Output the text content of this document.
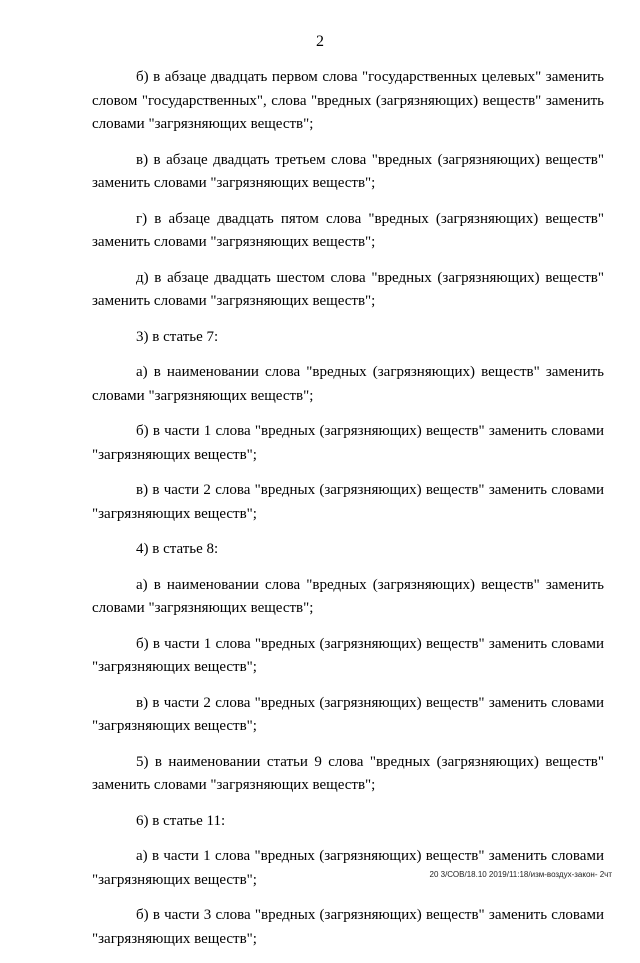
2

б) в абзаце двадцать первом слова "государственных целевых" заменить словом "государственных", слова "вредных (загрязняющих) веществ" заменить словами "загрязняющих веществ";

в) в абзаце двадцать третьем слова "вредных (загрязняющих) веществ" заменить словами "загрязняющих веществ";

г) в абзаце двадцать пятом слова "вредных (загрязняющих) веществ" заменить словами "загрязняющих веществ";

д) в абзаце двадцать шестом слова "вредных (загрязняющих) веществ" заменить словами "загрязняющих веществ";

3) в статье 7:

а) в наименовании слова "вредных (загрязняющих) веществ" заменить словами "загрязняющих веществ";

б) в части 1 слова "вредных (загрязняющих) веществ" заменить словами "загрязняющих веществ";

в) в части 2 слова "вредных (загрязняющих) веществ" заменить словами "загрязняющих веществ";

4) в статье 8:

а) в наименовании слова "вредных (загрязняющих) веществ" заменить словами "загрязняющих веществ";

б) в части 1 слова "вредных (загрязняющих) веществ" заменить словами "загрязняющих веществ";

в) в части 2 слова "вредных (загрязняющих) веществ" заменить словами "загрязняющих веществ";

5) в наименовании статьи 9 слова "вредных (загрязняющих) веществ" заменить словами "загрязняющих веществ";

6) в статье 11:

а) в части 1 слова "вредных (загрязняющих) веществ" заменить словами "загрязняющих веществ";

б) в части 3 слова "вредных (загрязняющих) веществ" заменить словами "загрязняющих веществ";

20 3/СОВ/18.10 2019/11:18/изм-воздух-закон- 2чт
